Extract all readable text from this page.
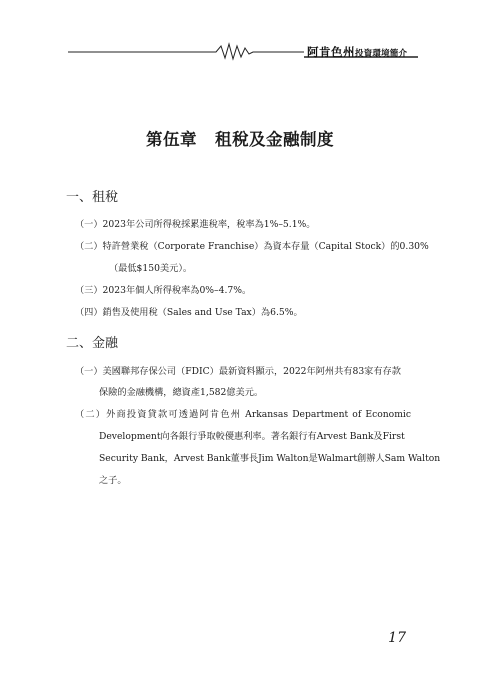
阿肯色州投資環境簡介
第伍章 租稅及金融制度
一、租稅
（一）2023年公司所得稅採累進稅率，稅率為1%–5.1%。
（二）特許營業稅（Corporate Franchise）為資本存量（Capital Stock）的0.30%
（最低$150美元）。
（三）2023年個人所得稅率為0%–4.7%。
（四）銷售及使用稅（Sales and Use Tax）為6.5%。
二、金融
（一）美國聯邦存保公司（FDIC）最新資料顯示，2022年阿州共有83家有存款
保險的金融機構，總資產1,582億美元。
（二）外商投資貸款可透過阿肯色州 Arkansas Department of Economic
Development向各銀行爭取較優惠利率。著名銀行有Arvest Bank及First
Security Bank，Arvest Bank董事長Jim Walton是Walmart創辦人Sam Walton
之子。
17
